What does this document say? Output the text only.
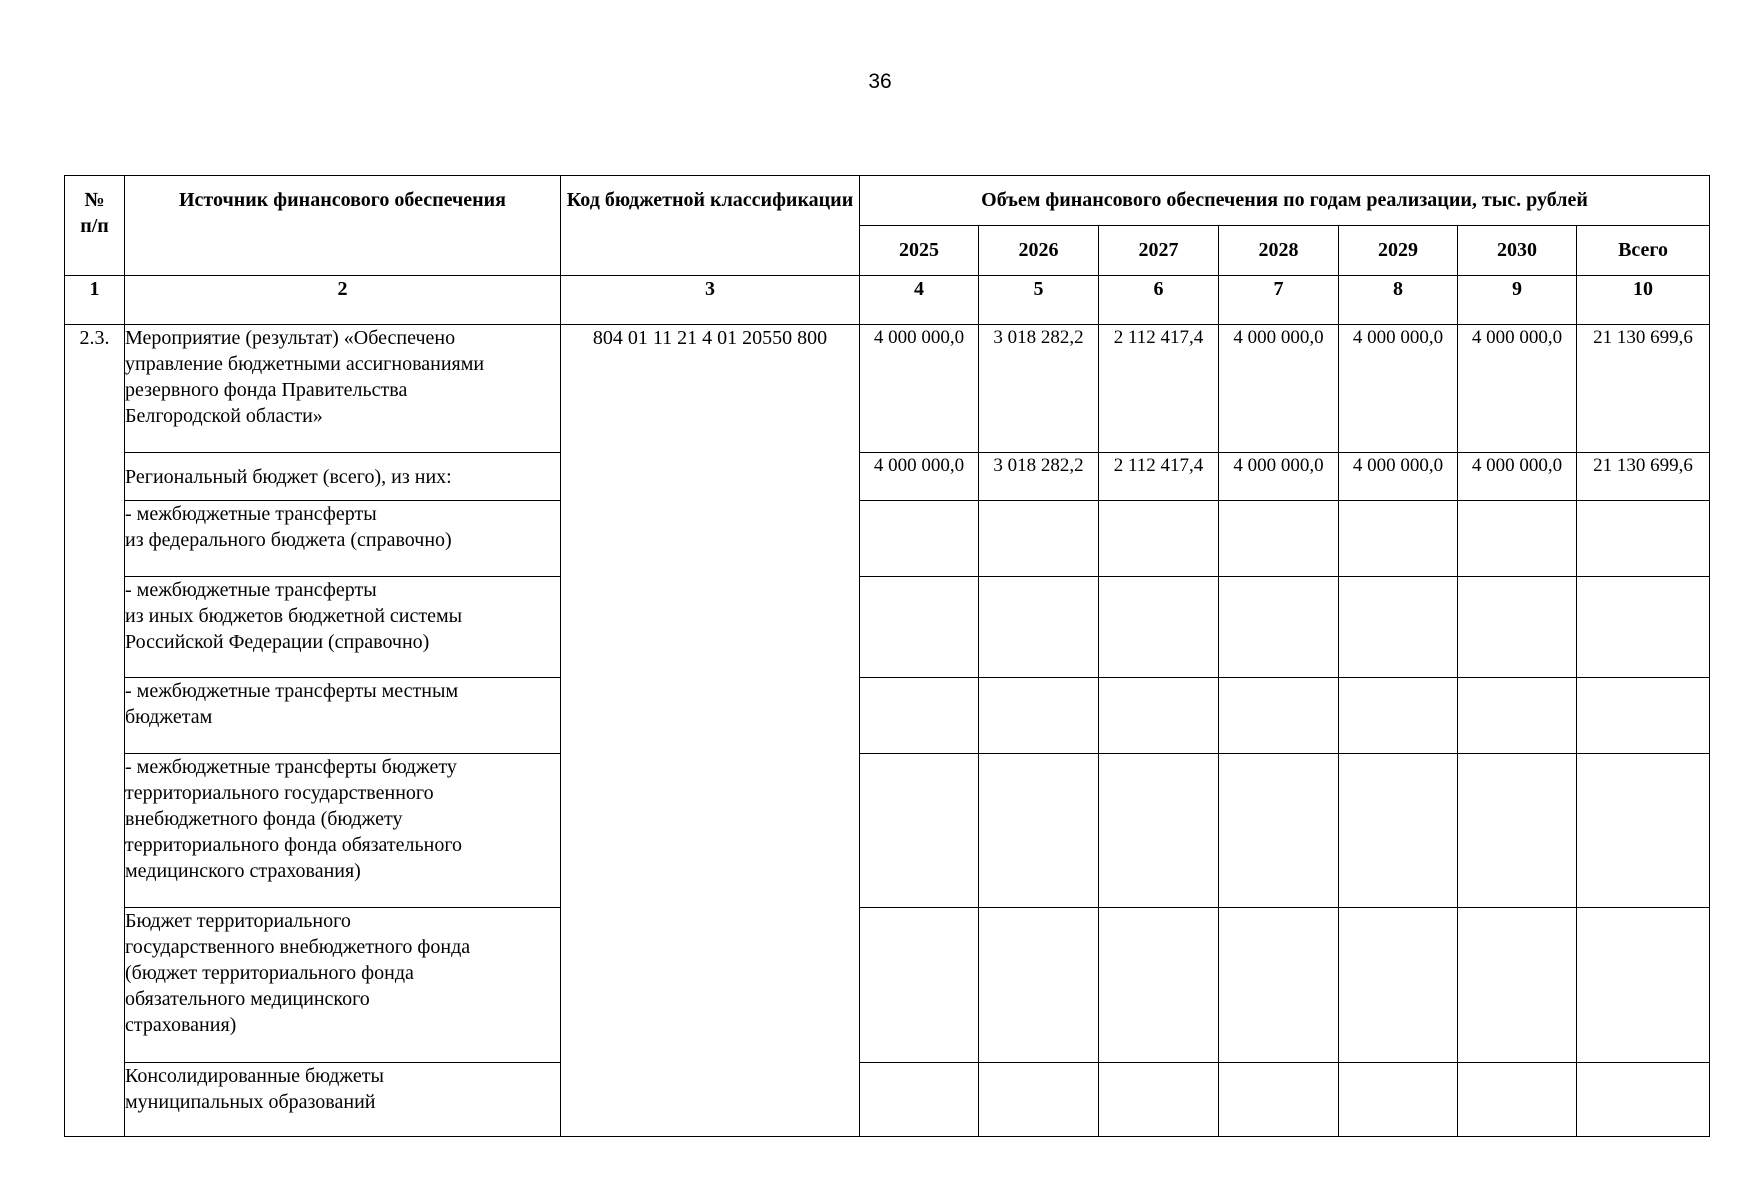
36
№
п/п	Источник финансового обеспечения	Код бюджетной классификации	Объем финансового обеспечения по годам реализации, тыс. рублей						
			2025	2026	2027	2028	2029	2030	Всего
1	2	3	4	5	6	7	8	9	10
2.3.	Мероприятие (результат) «Обеспечено
управление бюджетными ассигнованиями
резервного фонда Правительства
Белгородской области»	804 01 11 21 4 01 20550 800	4 000 000,0	3 018 282,2	2 112 417,4	4 000 000,0	4 000 000,0	4 000 000,0	21 130 699,6

	Региональный бюджет (всего), из них:		4 000 000,0	3 018 282,2	2 112 417,4	4 000 000,0	4 000 000,0	4 000 000,0	21 130 699,6

	- межбюджетные трансферты
из федерального бюджета (справочно)								

	- межбюджетные трансферты
из иных бюджетов бюджетной системы
Российской Федерации (справочно)								

	- межбюджетные трансферты местным
бюджетам								

	- межбюджетные трансферты бюджету
территориального государственного
внебюджетного фонда (бюджету
территориального фонда обязательного
медицинского страхования)								

	Бюджет территориального
государственного внебюджетного фонда
(бюджет территориального фонда
обязательного медицинского
страхования)								

	Консолидированные бюджеты
муниципальных образований								
